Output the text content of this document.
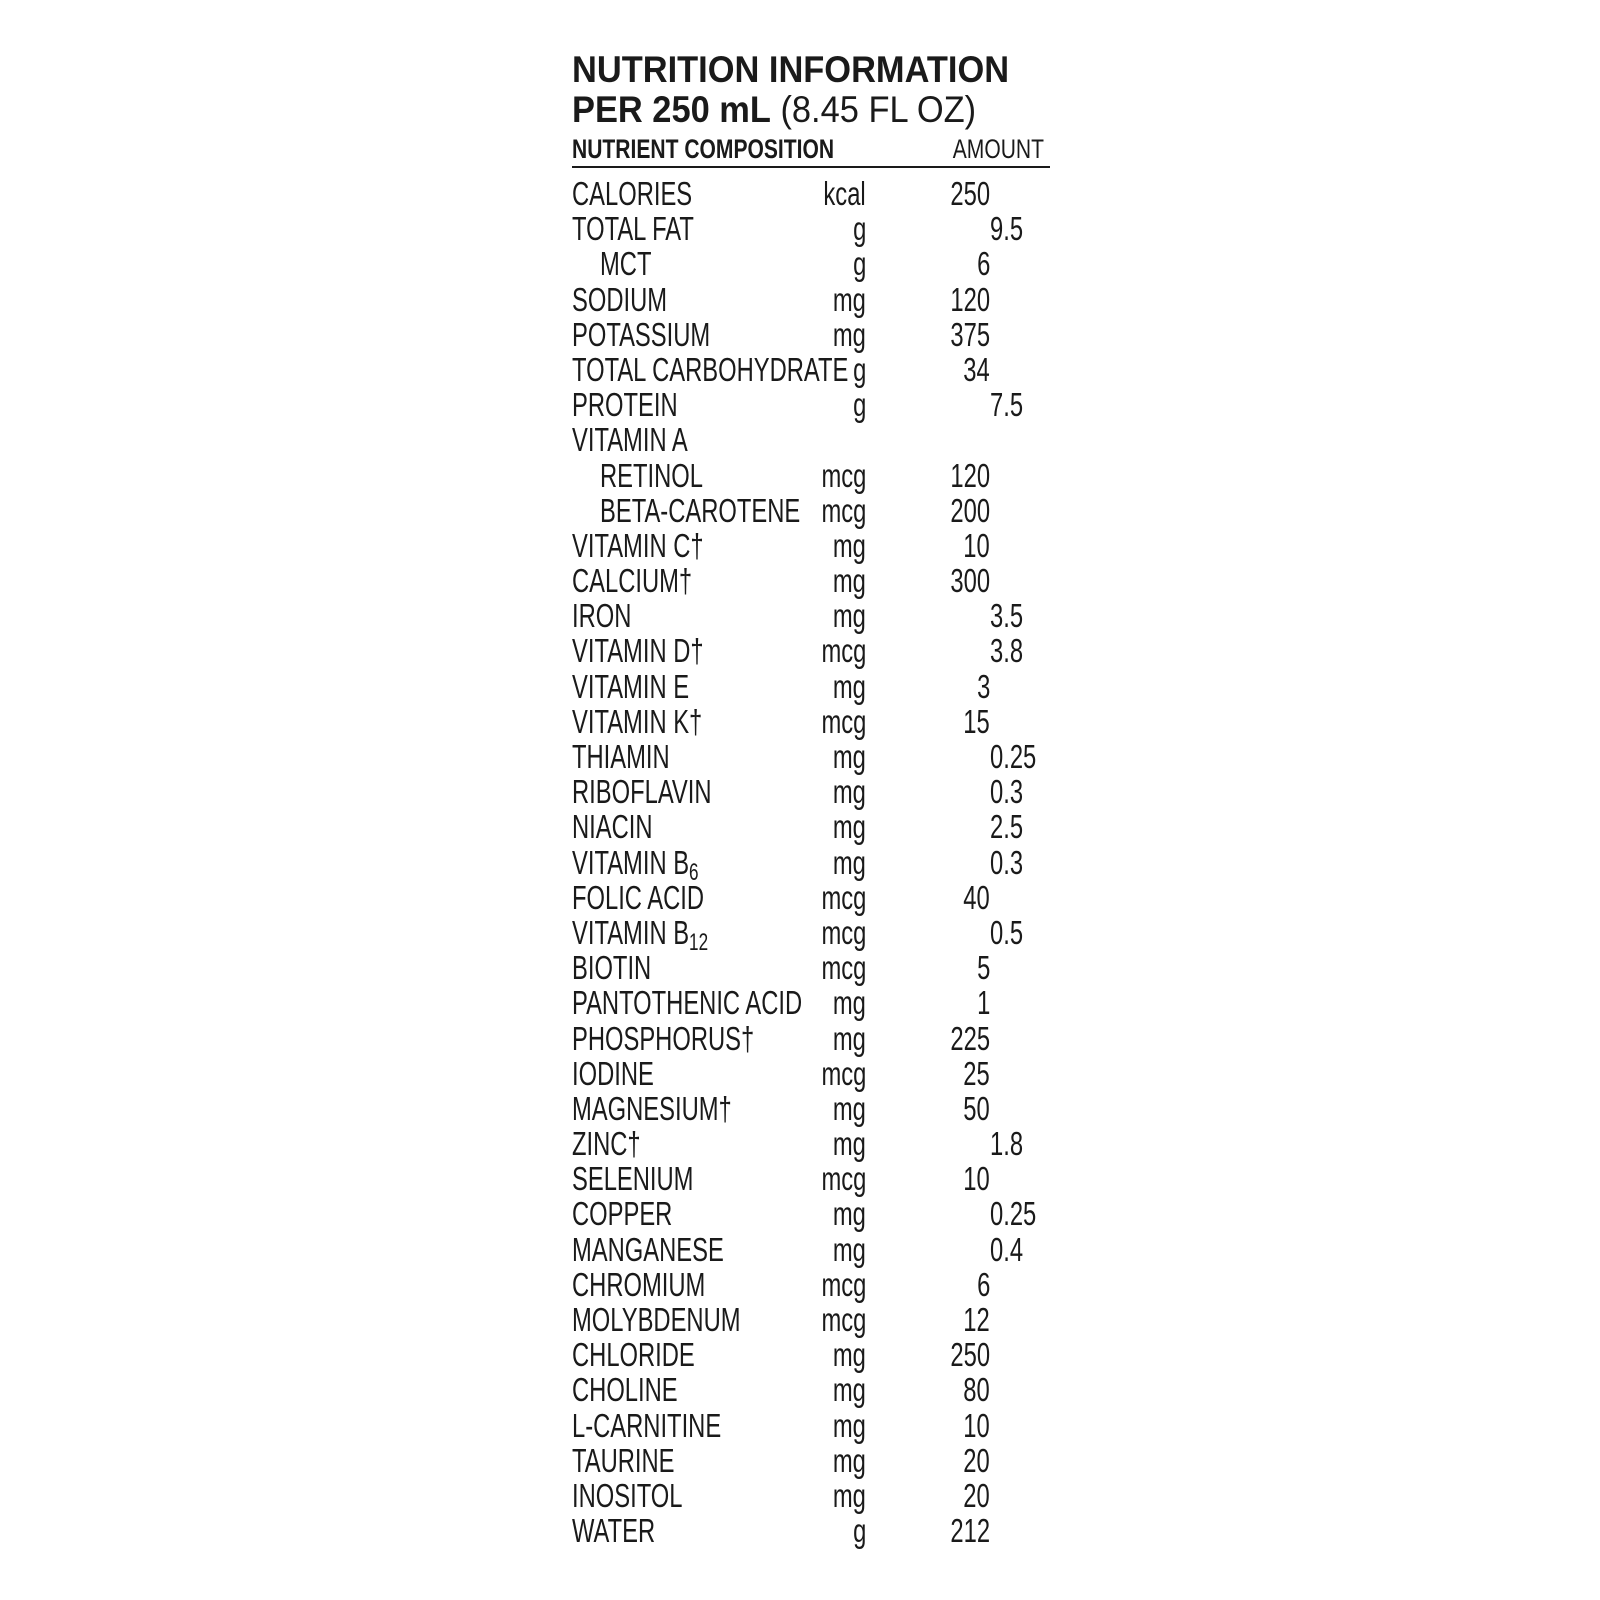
NUTRITION INFORMATION
PER 250 mL (8.45 FL OZ)
NUTRIENT COMPOSITION	AMOUNT
CALORIES	kcal	250
TOTAL FAT	g	9.5
MCT	g	6
SODIUM	mg	120
POTASSIUM	mg	375
TOTAL CARBOHYDRATE g	34
PROTEIN	g	7.5
VITAMIN A
RETINOL	mcg	120
BETA-CAROTENE mcg	200
VITAMIN C†	mg	10
CALCIUM†	mg	300
IRON	mg	3.5
VITAMIN D†	mcg	3.8
VITAMIN E	mg	3
VITAMIN K†	mcg	15
THIAMIN	mg	0.25
RIBOFLAVIN	mg	0.3
NIACIN	mg	2.5
VITAMIN $B_6$	mg	0.3
FOLIC ACID	mcg	40
VITAMIN $B_{12}$	mcg	0.5
BIOTIN	mcg	5
PANTOTHENIC ACID mg	1
PHOSPHORUS† mg	225
IODINE	mcg	25
MAGNESIUM†	mg	50
ZINC†	mg	1.8
SELENIUM	mcg	10
COPPER	mg	0.25
MANGANESE	mg	0.4
CHROMIUM	mcg	6
MOLYBDENUM mcg	12
CHLORIDE	mg	250
CHOLINE	mg	80
L-CARNITINE	mg	10
TAURINE	mg	20
INOSITOL	mg	20
WATER	g	212
